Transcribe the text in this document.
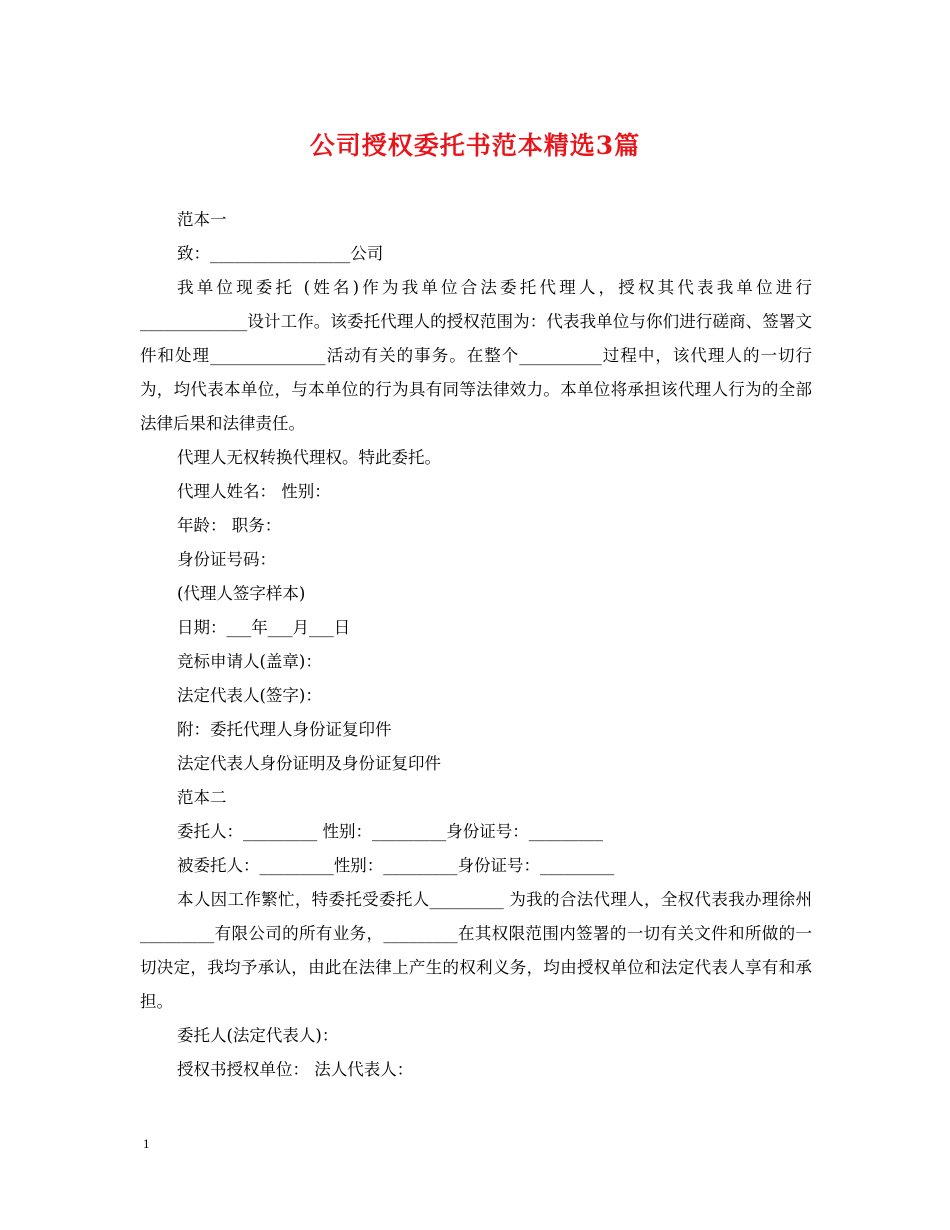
公司授权委托书范本精选3篇

范本一

致：_________________公司

我单位现委托 (姓名)作为我单位合法委托代理人，授权其代表我单位进行_____________设计工作。该委托代理人的授权范围为：代表我单位与你们进行磋商、签署文件和处理______________活动有关的事务。在整个__________过程中，该代理人的一切行为，均代表本单位，与本单位的行为具有同等法律效力。本单位将承担该代理人行为的全部法律后果和法律责任。

代理人无权转换代理权。特此委托。

代理人姓名： 性别：

年龄： 职务：

身份证号码：

(代理人签字样本)

日期：___年___月___日

竞标申请人(盖章)：

法定代表人(签字)：

附：委托代理人身份证复印件

法定代表人身份证明及身份证复印件

范本二

委托人：_________ 性别：_________身份证号：_________

被委托人：_________性别：_________身份证号：_________

本人因工作繁忙，特委托受委托人_________ 为我的合法代理人，全权代表我办理徐州 _________有限公司的所有业务，_________在其权限范围内签署的一切有关文件和所做的一切决定，我均予承认，由此在法律上产生的权利义务，均由授权单位和法定代表人享有和承担。

委托人(法定代表人)：

授权书授权单位： 法人代表人：

1
